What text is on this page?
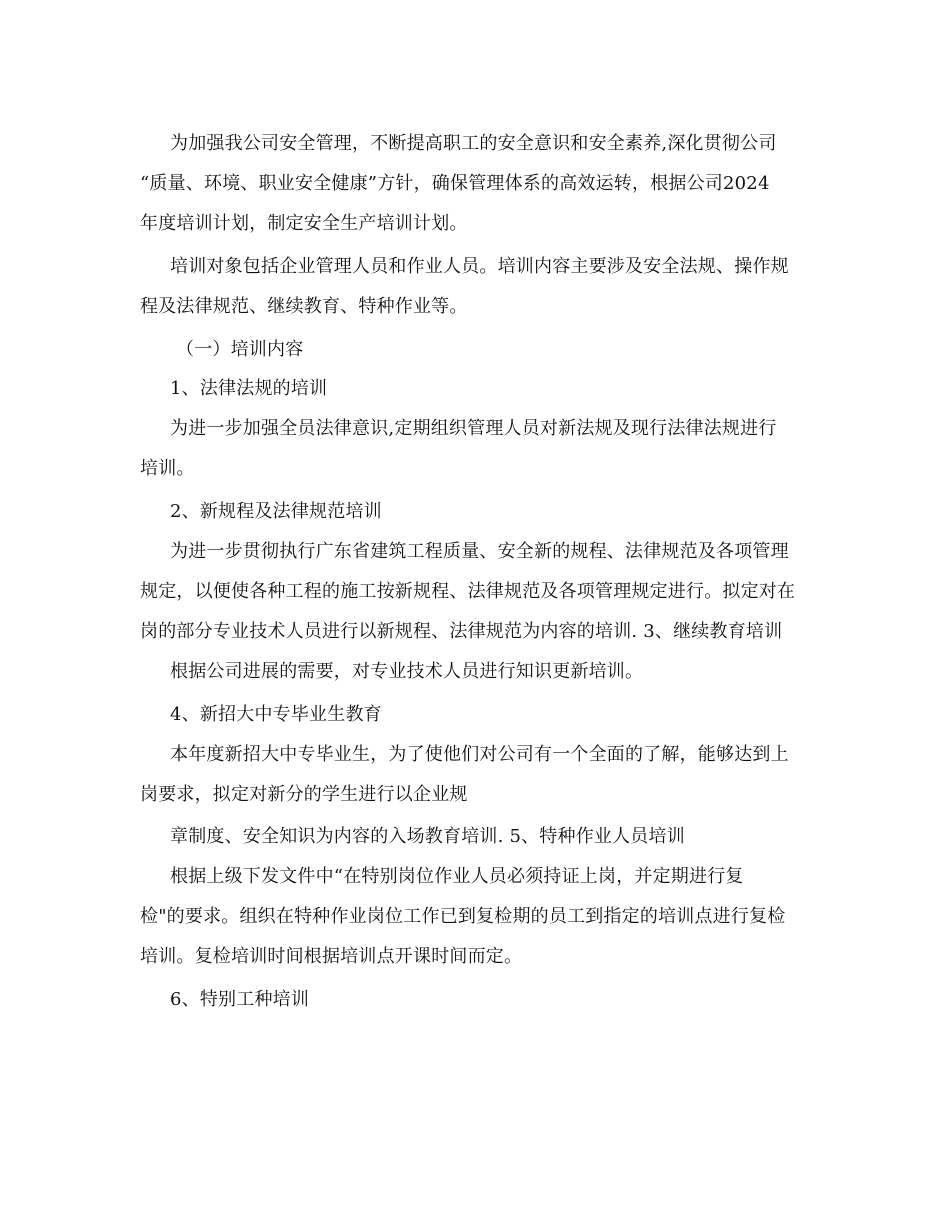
为加强我公司安全管理，不断提高职工的安全意识和安全素养,深化贯彻公司
“质量、环境、职业安全健康”方针，确保管理体系的高效运转，根据公司2024
年度培训计划，制定安全生产培训计划。
培训对象包括企业管理人员和作业人员。培训内容主要涉及安全法规、操作规
程及法律规范、继续教育、特种作业等。
（一）培训内容
1、法律法规的培训
为进一步加强全员法律意识,定期组织管理人员对新法规及现行法律法规进行
培训。
2、新规程及法律规范培训
为进一步贯彻执行广东省建筑工程质量、安全新的规程、法律规范及各项管理
规定，以便使各种工程的施工按新规程、法律规范及各项管理规定进行。拟定对在
岗的部分专业技术人员进行以新规程、法律规范为内容的培训. 3、继续教育培训
根据公司进展的需要，对专业技术人员进行知识更新培训。
4、新招大中专毕业生教育
本年度新招大中专毕业生，为了使他们对公司有一个全面的了解，能够达到上
岗要求，拟定对新分的学生进行以企业规
章制度、安全知识为内容的入场教育培训. 5、特种作业人员培训
根据上级下发文件中“在特别岗位作业人员必须持证上岗，并定期进行复
检"的要求。组织在特种作业岗位工作已到复检期的员工到指定的培训点进行复检
培训。复检培训时间根据培训点开课时间而定。
6、特别工种培训
